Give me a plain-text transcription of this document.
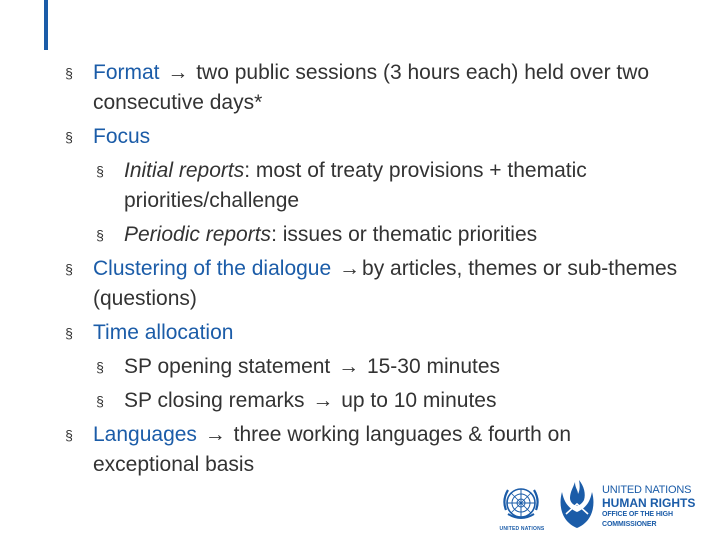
§ Format → two public sessions (3 hours each) held over two consecutive days*
§ Focus
§ Initial reports: most of treaty provisions + thematic priorities/challenge
§ Periodic reports: issues or thematic priorities
§ Clustering of the dialogue →by articles, themes or sub-themes (questions)
§ Time allocation
§ SP opening statement → 15-30 minutes
§ SP closing remarks → up to 10 minutes
§ Languages → three working languages & fourth on exceptional basis
UNITED NATIONS
UNITED NATIONS
HUMAN RIGHTS
OFFICE OF THE HIGH COMMISSIONER
